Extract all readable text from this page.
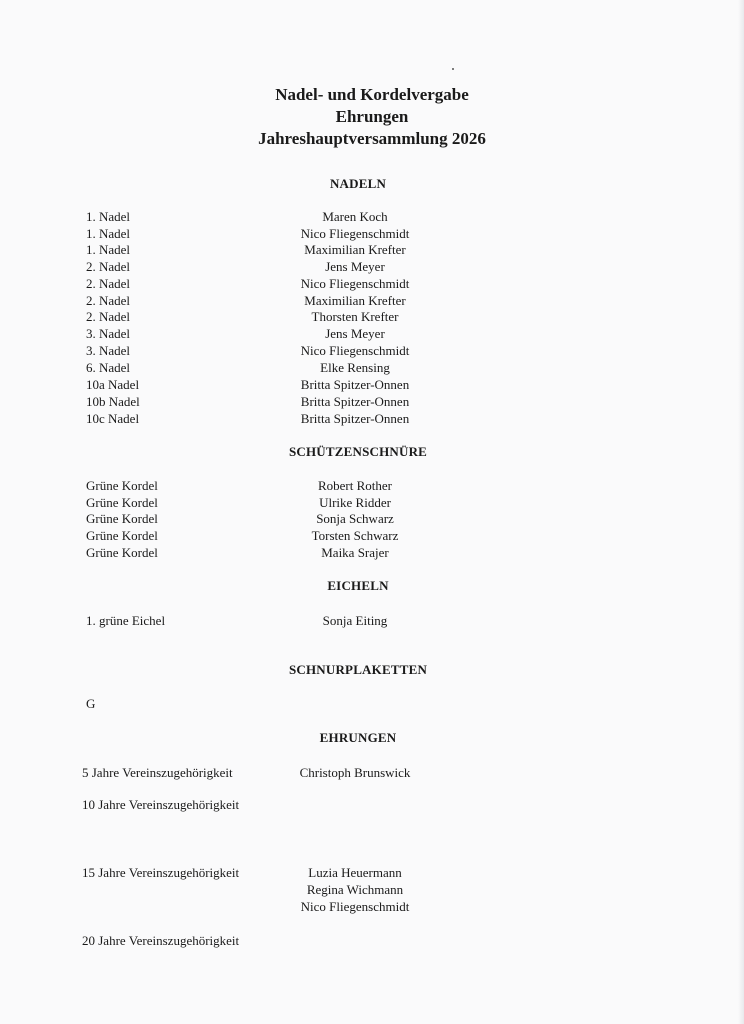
Nadel- und Kordelvergabe
Ehrungen
Jahreshauptversammlung 2026
NADELN
1. Nadel	Maren Koch
1. Nadel	Nico Fliegenschmidt
1. Nadel	Maximilian Krefter
2. Nadel	Jens Meyer
2. Nadel	Nico Fliegenschmidt
2. Nadel	Maximilian Krefter
2. Nadel	Thorsten Krefter
3. Nadel	Jens Meyer
3. Nadel	Nico Fliegenschmidt
6. Nadel	Elke Rensing
10a Nadel	Britta Spitzer-Onnen
10b Nadel	Britta Spitzer-Onnen
10c Nadel	Britta Spitzer-Onnen
SCHÜTZENSCHNÜRE
Grüne Kordel	Robert Rother
Grüne Kordel	Ulrike Ridder
Grüne Kordel	Sonja Schwarz
Grüne Kordel	Torsten Schwarz
Grüne Kordel	Maika Srajer
EICHELN
1. grüne Eichel	Sonja Eiting
SCHNURPLAKETTEN
G
EHRUNGEN
5 Jahre Vereinszugehörigkeit	Christoph Brunswick
10 Jahre Vereinszugehörigkeit
15 Jahre Vereinszugehörigkeit	Luzia Heuermann
Regina Wichmann
Nico Fliegenschmidt
20 Jahre Vereinszugehörigkeit
